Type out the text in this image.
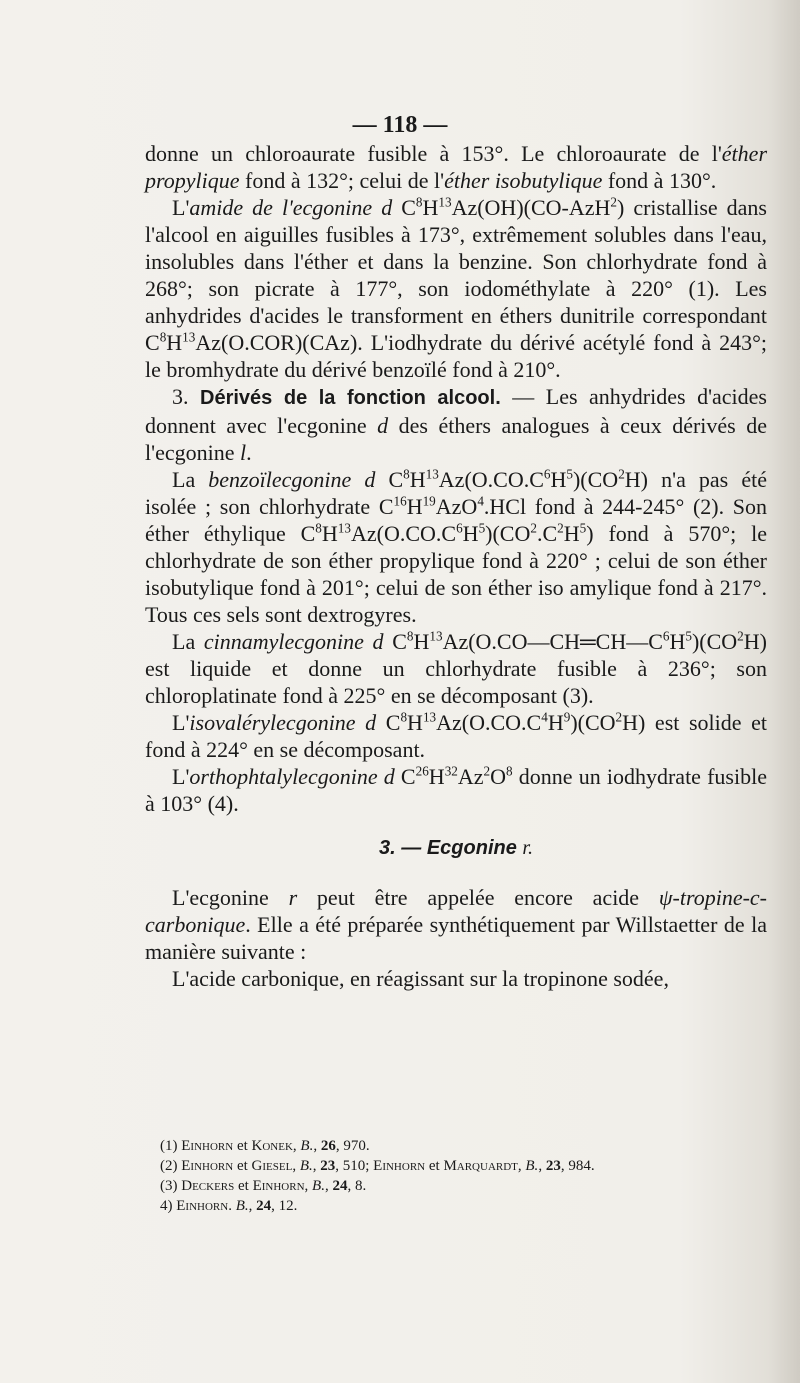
— 118 —

donne un chloroaurate fusible à 153°. Le chloroaurate de l'éther propylique fond à 132°; celui de l'éther isobutylique fond à 130°.

L'amide de l'ecgonine d $C^8H^{13}Az(OH)(CO-AzH^2)$ cristallise dans l'alcool en aiguilles fusibles à 173°, extrêmement solubles dans l'eau, insolubles dans l'éther et dans la benzine. Son chlorhydrate fond à 268°; son picrate à 177°, son iodométhylate à 220° (1). Les anhydrides d'acides le transforment en éthers dunitrile correspondant $C^8H^{13}Az(O.COR)(CAz)$. L'iodhydrate du dérivé acétylé fond à 243°; le bromhydrate du dérivé benzoïlé fond à 210°.

3. Dérivés de la fonction alcool. — Les anhydrides d'acides donnent avec l'ecgonine d des éthers analogues à ceux dérivés de l'ecgonine l.

La benzoïlecgonine d $C^8H^{13}Az(O.CO.C^6H^5)(CO^2H)$ n'a pas été isolée ; son chlorhydrate $C^{16}H^{19}AzO^4.HCl$ fond à 244-245° (2). Son éther éthylique $C^8H^{13}Az(O.CO.C^6H^5)(CO^2.C^2H^5)$ fond à 570°; le chlorhydrate de son éther propylique fond à 220° ; celui de son éther isobutylique fond à 201°; celui de son éther iso amylique fond à 217°. Tous ces sels sont dextrogyres.

La cinnamylecgonine d $C^8H^{13}Az(O.CO—CH═CH—C^6H^5)(CO^2H)$ est liquide et donne un chlorhydrate fusible à 236°; son chloroplatinate fond à 225° en se décomposant (3).

L'isovalérylecgonine d $C^8H^{13}Az(O.CO.C^4H^9)(CO^2H)$ est solide et fond à 224° en se décomposant.

L'orthophtalylecgonine d $C^{26}H^{32}Az^2O^8$ donne un iodhydrate fusible à 103° (4).

3. — Ecgonine r.

L'ecgonine r peut être appelée encore acide ψ-tropine-c-carbonique. Elle a été préparée synthétiquement par Willstaetter de la manière suivante :

L'acide carbonique, en réagissant sur la tropinone sodée,

(1) Einhorn et Konek, B., 26, 970.

(2) Einhorn et Giesel, B., 23, 510; Einhorn et Marquardt, B., 23, 984.

(3) Deckers et Einhorn, B., 24, 8.

4) Einhorn. B., 24, 12.
